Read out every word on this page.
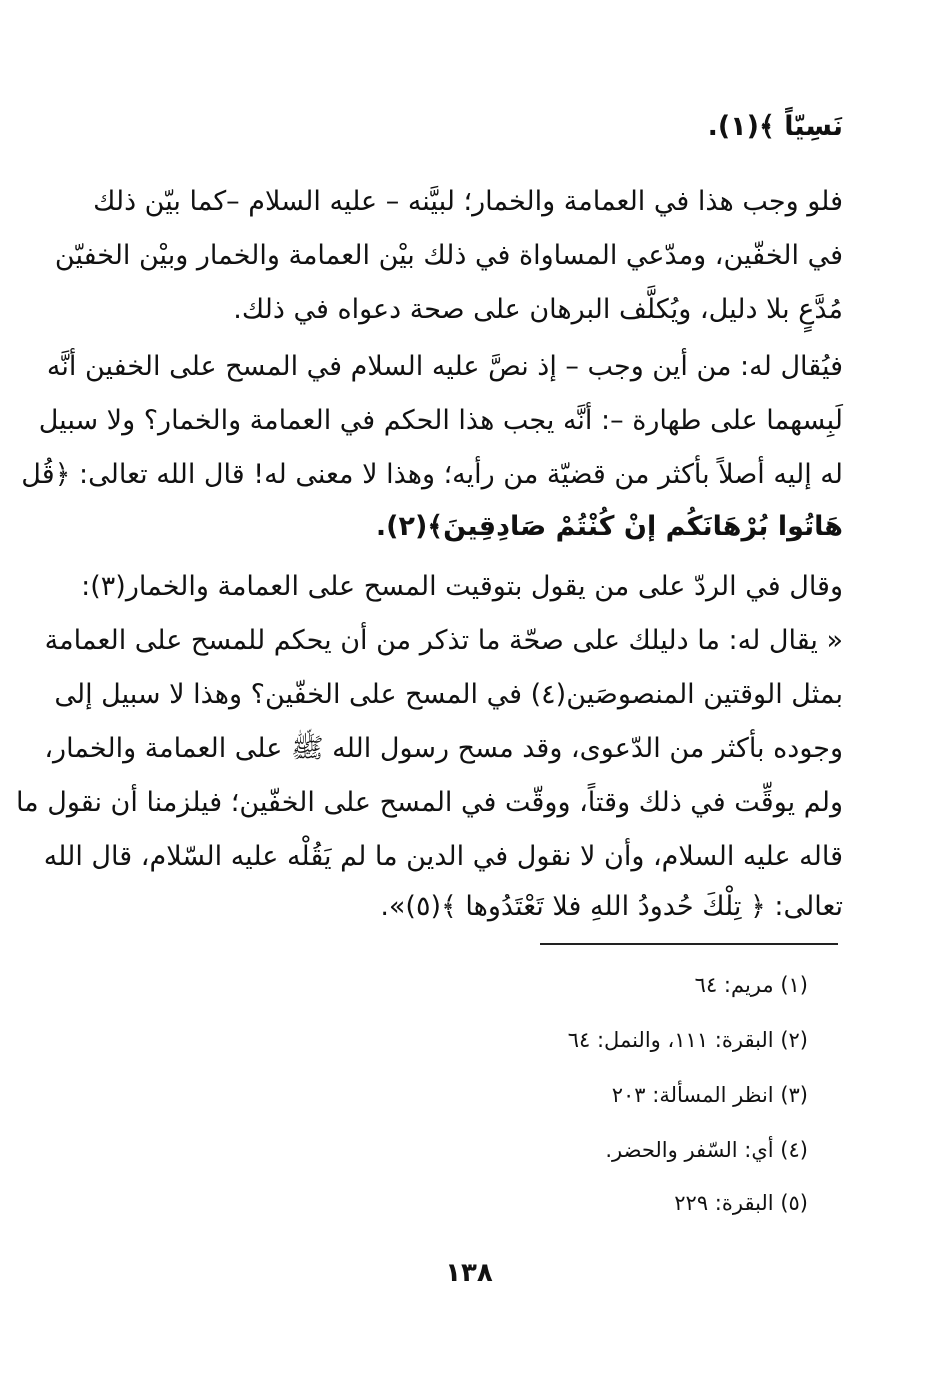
نَسِيّاً ﴾(١).
فلو وجب هذا في العمامة والخمار؛ لبيَّنه – عليه السلام –كما بيّن ذلك
في الخفّين، ومدّعي المساواة في ذلك بيْن العمامة والخمار وبيْن الخفيّن
مُدَّعٍ بلا دليل، ويُكلَّف البرهان على صحة دعواه في ذلك.
فيُقال له: من أين وجب – إذ نصَّ عليه السلام في المسح على الخفين أنَّه
لَبِسهما على طهارة –: أنَّه يجب هذا الحكم في العمامة والخمار؟ ولا سبيل
له إليه أصلاً بأكثر من قضيّة من رأيه؛ وهذا لا معنى له! قال الله تعالى: ﴿قُل
هَاتُوا بُرْهَانَكُم إنْ كُنْتُمْ صَادِقِينَ﴾(٢).
وقال في الردّ على من يقول بتوقيت المسح على العمامة والخمار(٣):
« يقال له: ما دليلك على صحّة ما تذكر من أن يحكم للمسح على العمامة
بمثل الوقتين المنصوصَين(٤) في المسح على الخفّين؟ وهذا لا سبيل إلى
وجوده بأكثر من الدّعوى، وقد مسح رسول الله ﷺ على العمامة والخمار،
ولم يوقِّت في ذلك وقتاً، ووقّت في المسح على الخفّين؛ فيلزمنا أن نقول ما
قاله عليه السلام، وأن لا نقول في الدين ما لم يَقُلْه عليه السّلام، قال الله
تعالى: ﴿ تِلْكَ حُدودُ اللهِ فلا تَعْتَدُوها ﴾(٥)».
(١) مريم: ٦٤
(٢) البقرة: ١١١، والنمل: ٦٤
(٣) انظر المسألة: ٢٠٣
(٤) أي: السّفر والحضر.
(٥) البقرة: ٢٢٩
١٣٨
